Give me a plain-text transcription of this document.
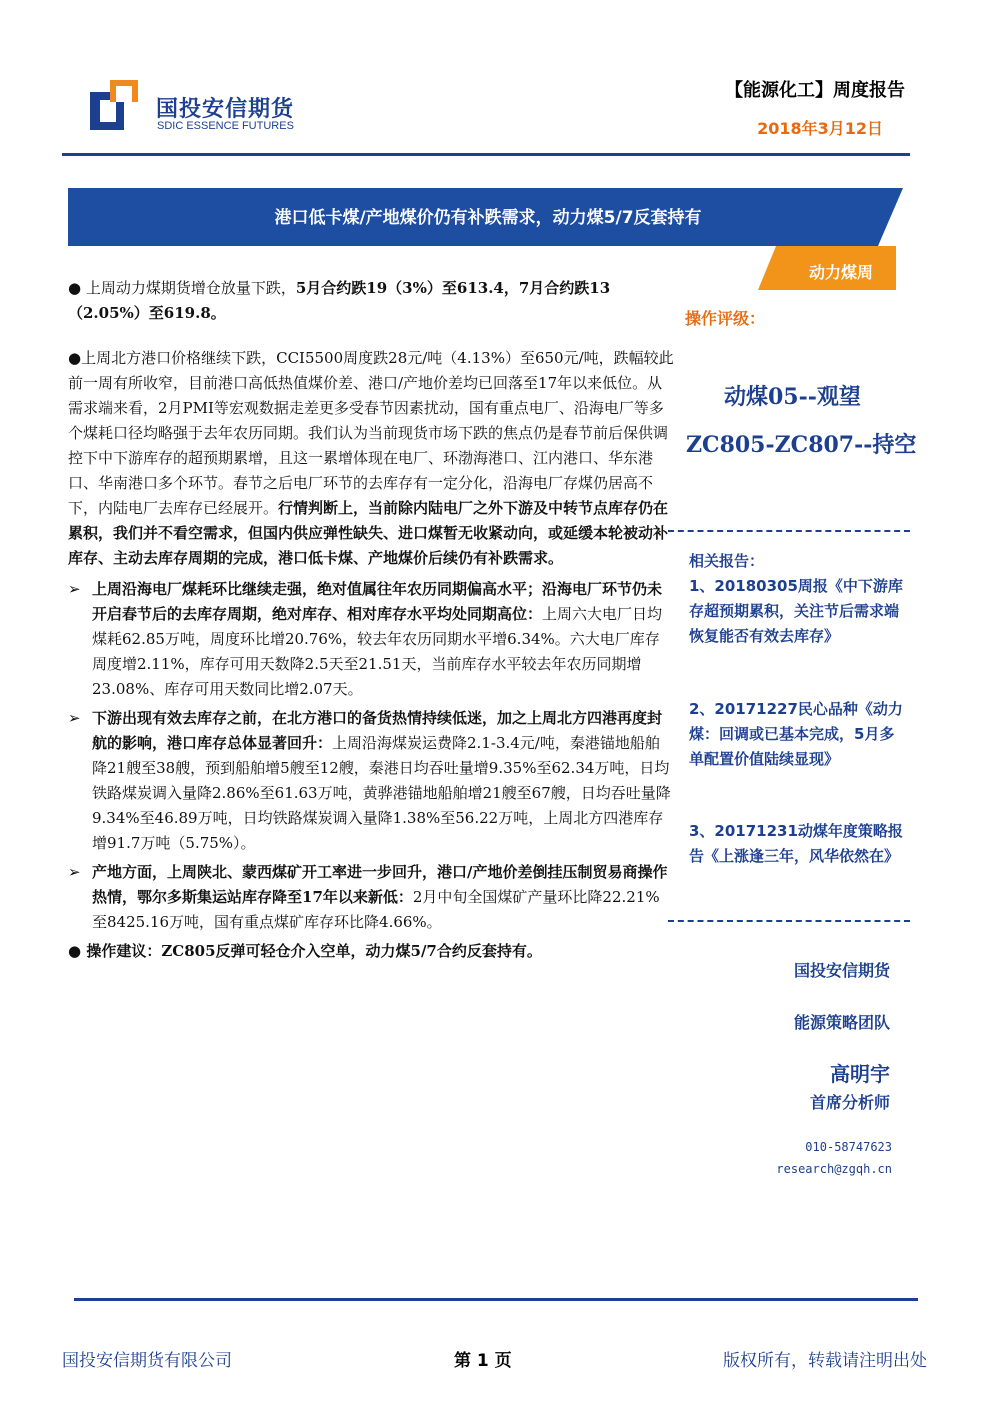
国投安信期货
SDIC ESSENCE FUTURES
【能源化工】周度报告
2018年3月12日
港口低卡煤/产地煤价仍有补跌需求，动力煤5/7反套持有
动力煤周

● 上周动力煤期货增仓放量下跌，5月合约跌19（3%）至613.4，7月合约跌13（2.05%）至619.8。

●上周北方港口价格继续下跌，CCI5500周度跌28元/吨（4.13%）至650元/吨，跌幅较此前一周有所收窄，目前港口高低热值煤价差、港口/产地价差均已回落至17年以来低位。从需求端来看，2月PMI等宏观数据走差更多受春节因素扰动，国有重点电厂、沿海电厂等多个煤耗口径均略强于去年农历同期。我们认为当前现货市场下跌的焦点仍是春节前后保供调控下中下游库存的超预期累增，且这一累增体现在电厂、环渤海港口、江内港口、华东港口、华南港口多个环节。春节之后电厂环节的去库存有一定分化，沿海电厂存煤仍居高不下，内陆电厂去库存已经展开。行情判断上，当前除内陆电厂之外下游及中转节点库存仍在累积，我们并不看空需求，但国内供应弹性缺失、进口煤暂无收紧动向，或延缓本轮被动补库存、主动去库存周期的完成，港口低卡煤、产地煤价后续仍有补跌需求。

➢ 上周沿海电厂煤耗环比继续走强，绝对值属往年农历同期偏高水平；沿海电厂环节仍未开启春节后的去库存周期，绝对库存、相对库存水平均处同期高位：上周六大电厂日均煤耗62.85万吨，周度环比增20.76%，较去年农历同期水平增6.34%。六大电厂库存周度增2.11%，库存可用天数降2.5天至21.51天，当前库存水平较去年农历同期增23.08%、库存可用天数同比增2.07天。
➢ 下游出现有效去库存之前，在北方港口的备货热情持续低迷，加之上周北方四港再度封航的影响，港口库存总体显著回升：上周沿海煤炭运费降2.1-3.4元/吨，秦港锚地船舶降21艘至38艘，预到船舶增5艘至12艘，秦港日均吞吐量增9.35%至62.34万吨，日均铁路煤炭调入量降2.86%至61.63万吨，黄骅港锚地船舶增21艘至67艘，日均吞吐量降9.34%至46.89万吨，日均铁路煤炭调入量降1.38%至56.22万吨，上周北方四港库存增91.7万吨（5.75%）。
➢ 产地方面，上周陕北、蒙西煤矿开工率进一步回升，港口/产地价差倒挂压制贸易商操作热情，鄂尔多斯集运站库存降至17年以来新低：2月中旬全国煤矿产量环比降22.21%至8425.16万吨，国有重点煤矿库存环比降4.66%。

● 操作建议：ZC805反弹可轻仓介入空单，动力煤5/7合约反套持有。

操作评级：
动煤05--观望
ZC805-ZC807--持空
相关报告：
1、20180305周报《中下游库存超预期累积，关注节后需求端恢复能否有效去库存》
2、20171227民心品种《动力煤：回调或已基本完成，5月多单配置价值陆续显现》
3、20171231动煤年度策略报告《上涨逢三年，风华依然在》
国投安信期货
能源策略团队
高明宇
首席分析师
010-58747623
research@zgqh.cn
国投安信期货有限公司	第 1 页	版权所有，转载请注明出处
